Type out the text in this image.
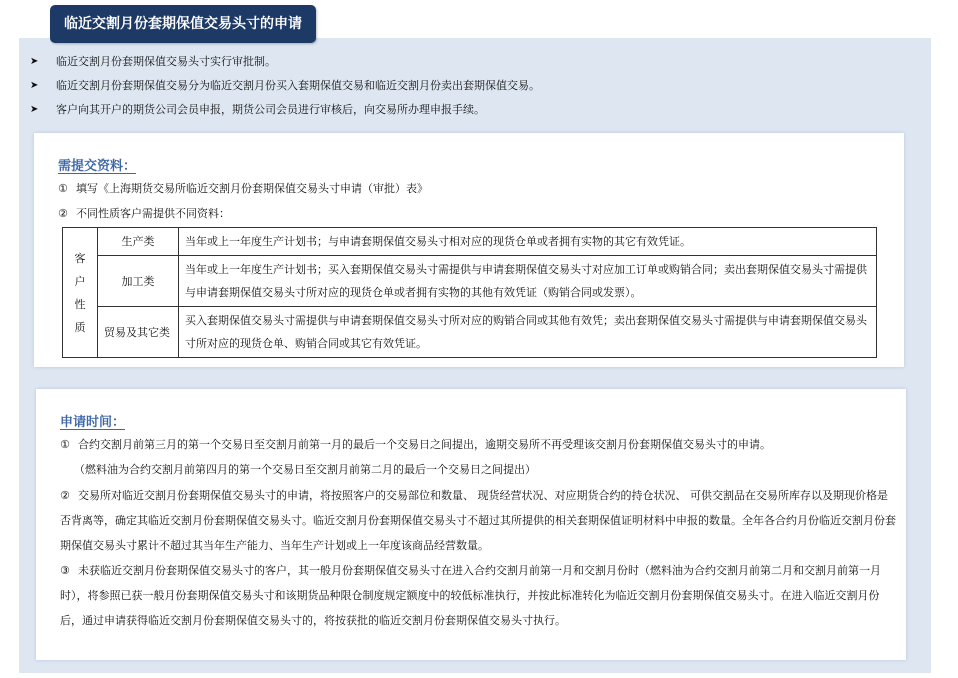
临近交割月份套期保值交易头寸的申请
➤ 临近交割月份套期保值交易头寸实行审批制。
➤ 临近交割月份套期保值交易分为临近交割月份买入套期保值交易和临近交割月份卖出套期保值交易。
➤ 客户向其开户的期货公司会员申报，期货公司会员进行审核后，向交易所办理申报手续。
需提交资料：
① 填写《上海期货交易所临近交割月份套期保值交易头寸申请（审批）表》
② 不同性质客户需提供不同资料：
客
户
性
质	生产类	当年或上一年度生产计划书；与申请套期保值交易头寸相对应的现货仓单或者拥有实物的其它有效凭证。
	加工类	当年或上一年度生产计划书；买入套期保值交易头寸需提供与申请套期保值交易头寸对应加工订单或购销合同；卖出套期保值交易头寸需提供与申请套期保值交易头寸所对应的现货仓单或者拥有实物的其他有效凭证（购销合同或发票）。
	贸易及其它类	买入套期保值交易头寸需提供与申请套期保值交易头寸所对应的购销合同或其他有效凭；卖出套期保值交易头寸需提供与申请套期保值交易头寸所对应的现货仓单、购销合同或其它有效凭证。
申请时间：
① 合约交割月前第三月的第一个交易日至交割月前第一月的最后一个交易日之间提出，逾期交易所不再受理该交割月份套期保值交易头寸的申请。
（燃料油为合约交割月前第四月的第一个交易日至交割月前第二月的最后一个交易日之间提出）
② 交易所对临近交割月份套期保值交易头寸的申请，将按照客户的交易部位和数量、 现货经营状况、对应期货合约的持仓状况、 可供交割品在交易所库存以及期现价格是否背离等，确定其临近交割月份套期保值交易头寸。临近交割月份套期保值交易头寸不超过其所提供的相关套期保值证明材料中申报的数量。全年各合约月份临近交割月份套期保值交易头寸累计不超过其当年生产能力、当年生产计划或上一年度该商品经营数量。
③ 未获临近交割月份套期保值交易头寸的客户，其一般月份套期保值交易头寸在进入合约交割月前第一月和交割月份时（燃料油为合约交割月前第二月和交割月前第一月时），将参照已获一般月份套期保值交易头寸和该期货品种限仓制度规定额度中的较低标准执行，并按此标准转化为临近交割月份套期保值交易头寸。在进入临近交割月份后，通过申请获得临近交割月份套期保值交易头寸的，将按获批的临近交割月份套期保值交易头寸执行。
